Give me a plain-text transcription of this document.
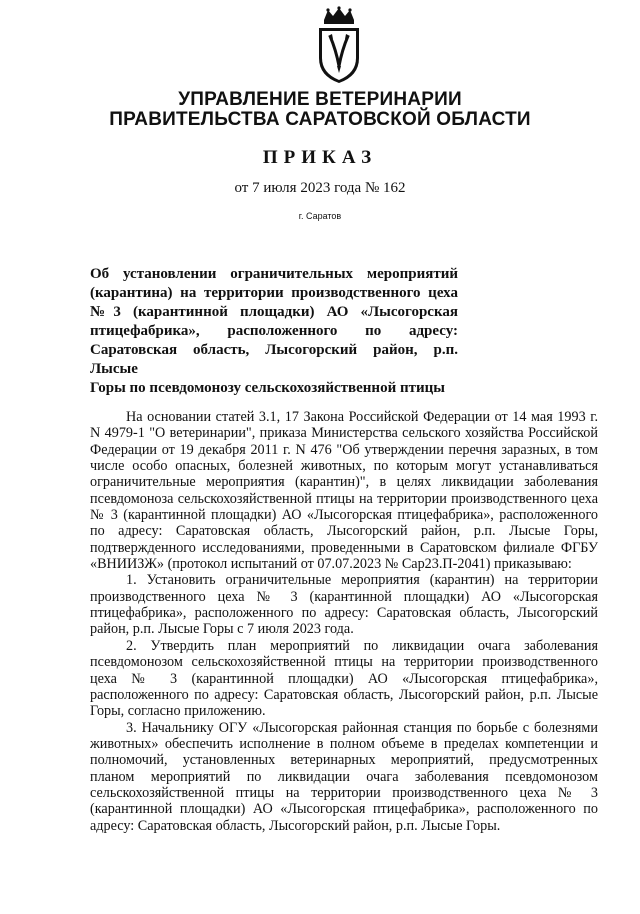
УПРАВЛЕНИЕ ВЕТЕРИНАРИИ
ПРАВИТЕЛЬСТВА САРАТОВСКОЙ ОБЛАСТИ
ПРИКАЗ
от 7 июля 2023 года № 162
г. Саратов
Об установлении ограничительных мероприятий
(карантина) на территории производственного цеха
№3 (карантинной площадки) АО «Лысогорская
птицефабрика», расположенного по адресу:
Саратовская область, Лысогорский район, р.п. Лысые
Горы по псевдомонозу сельскохозяйственной птицы

На основании статей 3.1, 17 Закона Российской Федерации от 14 мая 1993 г. N 4979-1 "О ветеринарии", приказа Министерства сельского хозяйства Российской Федерации от 19 декабря 2011 г. N 476 "Об утверждении перечня заразных, в том числе особо опасных, болезней животных, по которым могут устанавливаться ограничительные мероприятия (карантин)", в целях ликвидации заболевания псевдомоноза сельскохозяйственной птицы на территории производственного цеха № 3 (карантинной площадки) АО «Лысогорская птицефабрика», расположенного по адресу: Саратовская область, Лысогорский район, р.п. Лысые Горы, подтвержденного исследованиями, проведенными в Саратовском филиале ФГБУ «ВНИИЗЖ» (протокол испытаний от 07.07.2023 № Сар23.П-2041) приказываю:

1. Установить ограничительные мероприятия (карантин) на территории производственного цеха № 3 (карантинной площадки) АО «Лысогорская птицефабрика», расположенного по адресу: Саратовская область, Лысогорский район, р.п. Лысые Горы с 7 июля 2023 года.

2. Утвердить план мероприятий по ликвидации очага заболевания псевдомонозом сельскохозяйственной птицы на территории производственного цеха № 3 (карантинной площадки) АО «Лысогорская птицефабрика», расположенного по адресу: Саратовская область, Лысогорский район, р.п. Лысые Горы, согласно приложению.

3. Начальнику ОГУ «Лысогорская районная станция по борьбе с болезнями животных» обеспечить исполнение в полном объеме в пределах компетенции и полномочий, установленных ветеринарных мероприятий, предусмотренных планом мероприятий по ликвидации очага заболевания псевдомонозом сельскохозяйственной птицы на территории производственного цеха № 3 (карантинной площадки) АО «Лысогорская птицефабрика», расположенного по адресу: Саратовская область, Лысогорский район, р.п. Лысые Горы.
